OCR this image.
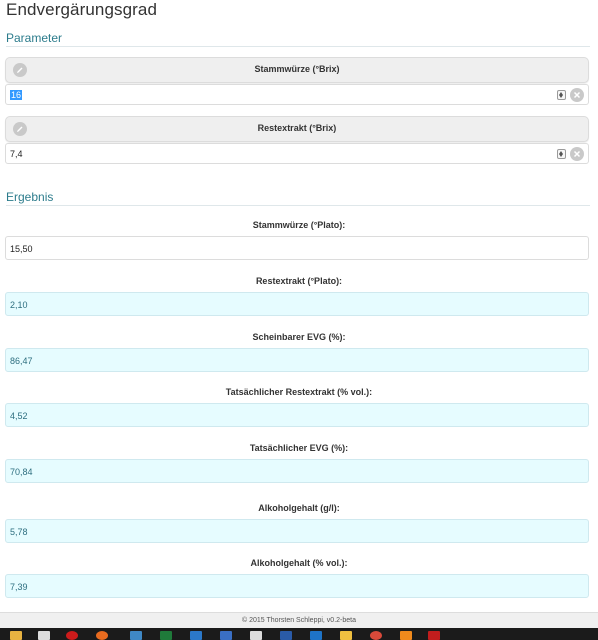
Endvergärungsgrad
Parameter
Stammwürze (°Brix)
16
Restextrakt (°Brix)
7,4
Ergebnis
Stammwürze (°Plato):
15,50
Restextrakt (°Plato):
2,10
Scheinbarer EVG (%):
86,47
Tatsächlicher Restextrakt (% vol.):
4,52
Tatsächlicher EVG (%):
70,84
Alkoholgehalt (g/l):
5,78
Alkoholgehalt (% vol.):
7,39
© 2015 Thorsten Schleppi, v0.2-beta
